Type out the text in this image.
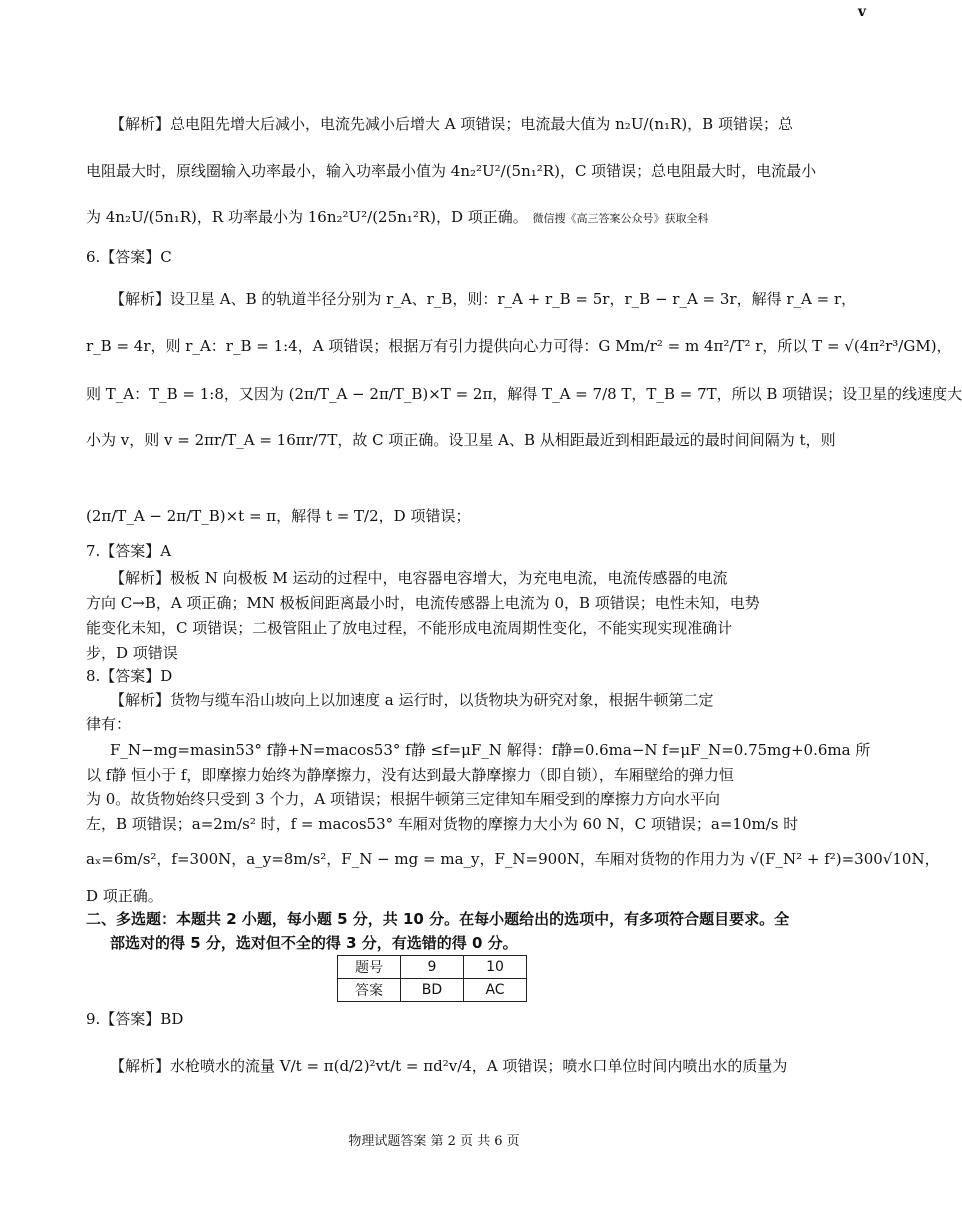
v
【解析】总电阻先增大后减小，电流先减小后增大 A 项错误；电流最大值为 n₂U/(n₁R)，B 项错误；总
电阻最大时，原线圈输入功率最小，输入功率最小值为 4n₂²U²/(5n₁²R)，C 项错误；总电阻最大时，电流最小
为 4n₂U/(5n₁R)，R 功率最小为 16n₂²U²/(25n₁²R)，D 项正确。 微信搜《高三答案公众号》获取全科
6.【答案】C
【解析】设卫星 A、B 的轨道半径分别为 r_A、r_B，则：r_A + r_B = 5r，r_B − r_A = 3r，解得 r_A = r，
r_B = 4r，则 r_A：r_B = 1:4，A 项错误；根据万有引力提供向心力可得：G Mm/r² = m 4π²/T² r，所以 T = √(4π²r³/GM)，
则 T_A：T_B = 1:8，又因为 (2π/T_A − 2π/T_B)×T = 2π，解得 T_A = 7/8 T，T_B = 7T，所以 B 项错误；设卫星的线速度大
小为 v，则 v = 2πr/T_A = 16πr/7T，故 C 项正确。设卫星 A、B 从相距最近到相距最远的最时间间隔为 t，则
(2π/T_A − 2π/T_B)×t = π，解得 t = T/2，D 项错误；
7.【答案】A
【解析】极板 N 向极板 M 运动的过程中，电容器电容增大，为充电电流，电流传感器的电流
方向 C→B，A 项正确；MN 极板间距离最小时，电流传感器上电流为 0，B 项错误；电性未知，电势
能变化未知，C 项错误；二极管阻止了放电过程，不能形成电流周期性变化，不能实现实现准确计
步，D 项错误
8.【答案】D
【解析】货物与缆车沿山坡向上以加速度 a 运行时，以货物块为研究对象，根据牛顿第二定
律有：
F_N−mg=masin53° f静+N=macos53° f静 ≤f=μF_N 解得：f静=0.6ma−N f=μF_N=0.75mg+0.6ma 所
以 f静 恒小于 f，即摩擦力始终为静摩擦力，没有达到最大静摩擦力（即自锁），车厢壁给的弹力恒
为 0。故货物始终只受到 3 个力，A 项错误；根据牛顿第三定律知车厢受到的摩擦力方向水平向
左，B 项错误；a=2m/s² 时，f = macos53° 车厢对货物的摩擦力大小为 60 N，C 项错误；a=10m/s 时
aₓ=6m/s²，f=300N，a_y=8m/s²，F_N − mg = ma_y，F_N=900N，车厢对货物的作用力为 √(F_N² + f²)=300√10N，
D 项正确。
二、多选题：本题共 2 小题，每小题 5 分，共 10 分。在每小题给出的选项中，有多项符合题目要求。全
部选对的得 5 分，选对但不全的得 3 分，有选错的得 0 分。
题号	9	10
答案	BD	AC
9.【答案】BD
【解析】水枪喷水的流量 V/t = π(d/2)²vt/t = πd²v/4，A 项错误；喷水口单位时间内喷出水的质量为
物理试题答案 第 2 页 共 6 页
